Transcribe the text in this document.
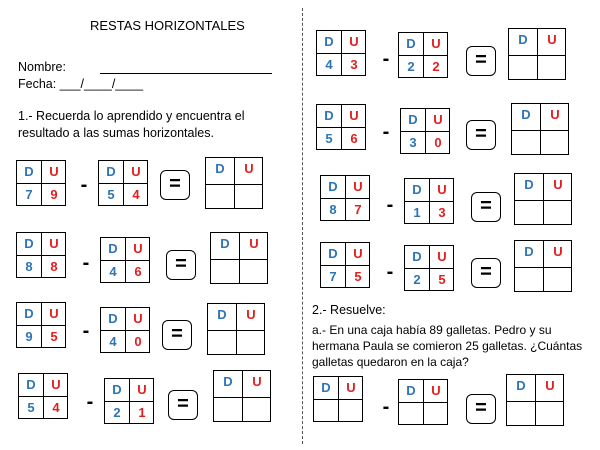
RESTAS HORIZONTALES
Nombre:
Fecha: ___/____/____
1.- Recuerda lo aprendido y encuentra el resultado a las sumas horizontales.
2.- Resuelve:
a.- En una caja había 89 galletas. Pedro y su hermana Paula se comieron 25 galletas. ¿Cuántas galletas quedaron en la caja?
D	U
7	9	-
D	U
5	4	=
D	U
D	U
8	8	-
D	U
4	6	=
D	U
D	U
9	5	-
D	U
4	0	=
D	U
D	U
5	4	-
D	U
2	1	=
D	U
D	U
4	3	-
D	U
2	2	=
D	U
D	U
5	6	-
D	U
3	0	=
D	U
D	U
8	7	-
D	U
1	3	=
D	U
D	U
7	5	-
D	U
2	5	=
D	U
D	U
-
D	U
=
D	U
